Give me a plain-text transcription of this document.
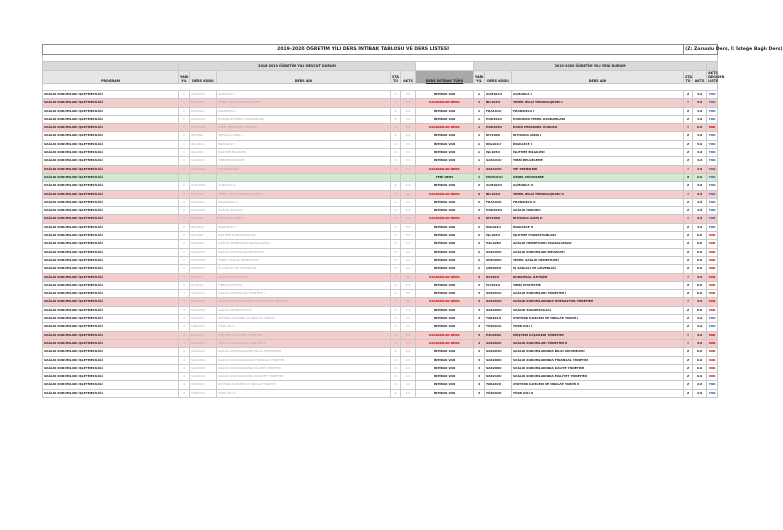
2019-2020 ÖĞRETİM YILI DERS İNTİBAK TABLOSU VE DERS LİSTESİ										(Z: Zorunlu Ders, İ: İsteğe Bağlı Ders)		

	2018-2019 ÖĞRETİM YILI MEVCUT DURUM						2019-2020 ÖĞRETİM YILI YENİ DURUM					
PROGRAM	YARI YIL	DERS KODU	DERS ADI	STA TÜ	AKTS	DERS İNTİBAK TÜRÜ	YARI YIL	DERS KODU	DERS ADI	STA TÜ	AKTS	AKTS DEĞİŞEN LİSTE

SAĞLIK KURUMLARI İŞLETMECİLİĞİ	1	ALM101U	ALMANCA I	Z	3.0	İNTİBAK VAR	1	ALM101U	ALMANCA I	Z	3.0	YOK
SAĞLIK KURUMLARI İŞLETMECİLİĞİ	1	BİL103U	TEMEL BİLGİ TEKNOLOJİLERİ I	Z	3.0	KALDIRILAN DERS	1	BİL103U	TEMEL BİLGİ TEKNOLOJİLERİ I	İ	3.0	YOK
SAĞLIK KURUMLARI İŞLETMECİLİĞİ	1	FRA101U	FRANSIZCA I	Z	3.0	İNTİBAK VAR	1	FRA101U	FRANSIZCA I	Z	3.0	YOK
SAĞLIK KURUMLARI İŞLETMECİLİĞİ	1	HUK101U	HUKUKUN TEMEL KAVRAMLARI	Z	3.0	İNTİBAK VAR	1	HUK101U	HUKUKUN TEMEL KAVRAMLARI	Z	3.0	YOK
SAĞLIK KURUMLARI İŞLETMECİLİĞİ	1	HUK103U	KAMU PERSONEL HUKUKU	Z	3.0	KALDIRILAN DERS	1	HUK103U	KAMU PERSONEL HUKUKU	İ	6.0	VAR
SAĞLIK KURUMLARI İŞLETMECİLİĞİ	1	İKT100U	İKTİSADA GİRİŞ I	Z	3.0	İNTİBAK VAR	1	İKT100U	İKTİSADA GİRİŞ I	Z	3.0	YOK
SAĞLIK KURUMLARI İŞLETMECİLİĞİ	1	İNG101U	İNGİLİZCE I	Z	3.0	İNTİBAK VAR	1	İNG101U	İNGİLİZCE I	Z	3.0	YOK
SAĞLIK KURUMLARI İŞLETMECİLİĞİ	1	İŞL105U	İŞLETME BİLGİLERİ	Z	3.0	İNTİBAK VAR	1	İŞL105U	İŞLETME BİLGİLERİ	Z	3.0	YOK
SAĞLIK KURUMLARI İŞLETMECİLİĞİ	1	SAK101U	TIBBİ BELGELEME	Z	3.0	İNTİBAK VAR	1	SAK101U	TIBBİ BELGELEME	Z	3.0	YOK
SAĞLIK KURUMLARI İŞLETMECİLİĞİ	1	SAK103U	TIP TERİMLERİ	Z	3.0	KALDIRILAN DERS	1	SAK103U	TIP TERİMLERİ	İ	3.0	YOK
SAĞLIK KURUMLARI İŞLETMECİLİĞİ						YENİ DERS	1	MUH101U	GENEL MUHASEBE	Z	6.0	YOK
SAĞLIK KURUMLARI İŞLETMECİLİĞİ	2	ALM102U	ALMANCA II	Z	3.0	İNTİBAK VAR	2	ALM102U	ALMANCA II	Z	3.0	YOK
SAĞLIK KURUMLARI İŞLETMECİLİĞİ	2	BİL104U	TEMEL BİLGİ TEKNOLOJİLERİ II	Z	3.0	KALDIRILAN DERS	2	BİL104U	TEMEL BİLGİ TEKNOLOJİLERİ II	İ	3.0	YOK
SAĞLIK KURUMLARI İŞLETMECİLİĞİ	2	FRA102U	FRANSIZCA II	Z	3.0	İNTİBAK VAR	2	FRA102U	FRANSIZCA II	Z	3.0	YOK
SAĞLIK KURUMLARI İŞLETMECİLİĞİ	2	HUK102U	SAĞLIK HUKUKU	Z	3.0	İNTİBAK VAR	2	HUK102U	SAĞLIK HUKUKU	Z	3.0	YOK
SAĞLIK KURUMLARI İŞLETMECİLİĞİ	2	İKT100U	İKTİSADA GİRİŞ II	Z	3.0	KALDIRILAN DERS	2	İKT100U	İKTİSADA GİRİŞ II	İ	3.0	YOK
SAĞLIK KURUMLARI İŞLETMECİLİĞİ	2	İNG102U	İNGİLİZCE II	Z	3.0	İNTİBAK VAR	2	İNG102U	İNGİLİZCE II	Z	3.0	YOK
SAĞLIK KURUMLARI İŞLETMECİLİĞİ	2	İŞL106U	İŞLETME FONKSİYONLARI	Z	3.0	İNTİBAK VAR	2	İŞL106U	İŞLETME FONKSİYONLARI	Z	6.0	VAR
SAĞLIK KURUMLARI İŞLETMECİLİĞİ	2	PZL108U	SAĞLIK HİZMETLERİ PAZARLAMASI	Z	3.0	İNTİBAK VAR	2	PZL108U	SAĞLIK HİZMETLERİ PAZARLAMASI	Z	6.0	VAR
SAĞLIK KURUMLARI İŞLETMECİLİĞİ	2	SAK102U	SAĞLIK KURUMLARI MEVZUATI	Z	3.0	İNTİBAK VAR	2	SAK102U	SAĞLIK KURUMLARI MEVZUATI	Z	6.0	VAR
SAĞLIK KURUMLARI İŞLETMECİLİĞİ	2	SHZ106U	TEMEL SAĞLIK HİZMETLERİ	Z	3.0	İNTİBAK VAR	2	SHZ106U	TEMEL SAĞLIK HİZMETLERİ	Z	6.0	VAR
SAĞLIK KURUMLARI İŞLETMECİLİĞİ	2	ÇEK002U	İŞ SAĞLIĞI VE GÜVENLİĞİ	Z	3.0	İNTİBAK VAR	2	ÇEK002U	İŞ SAĞLIĞI VE GÜVENLİĞİ	Z	6.0	VAR
SAĞLIK KURUMLARI İŞLETMECİLİĞİ	3	İLT201U	KURUMSAL İLETİŞİM	Z	3.0	KALDIRILAN DERS	3	İLT201U	KURUMSAL İLETİŞİM	İ	4.0	VAR
SAĞLIK KURUMLARI İŞLETMECİLİĞİ	3	İST201U	TIBBİ İSTATİSTİK	Z	3.0	İNTİBAK VAR	3	İST201U	TIBBİ İSTATİSTİK	Z	6.0	VAR
SAĞLIK KURUMLARI İŞLETMECİLİĞİ	3	SAK201U	SAĞLIK KURUMLARI YÖNETİMİ I	Z	3.0	İNTİBAK VAR	3	SAK201U	SAĞLIK KURUMLARI YÖNETİMİ I	Z	6.0	VAR
SAĞLIK KURUMLARI İŞLETMECİLİĞİ	3	SAK203U	SAĞLIK KURUMLARINDA OPERASYON YÖNETİMİ	Z	3.0	KALDIRILAN DERS	3	SAK203U	SAĞLIK KURUMLARINDA OPERASYON YÖNETİMİ	İ	4.0	VAR
SAĞLIK KURUMLARI İŞLETMECİLİĞİ	3	SAK205U	SAĞLIK SİGORTACILIĞI	Z	3.0	İNTİBAK VAR	3	SAK205U	SAĞLIK SİGORTACILIĞI	Z	6.0	VAR
SAĞLIK KURUMLARI İŞLETMECİLİĞİ	3	TAR201U	ATATÜRK İLKELERİ VE İNKILAP TARİHİ I	Z	2.0	İNTİBAK VAR	3	TAR201U	ATATÜRK İLKELERİ VE İNKILAP TARİHİ I	Z	2.0	YOK
SAĞLIK KURUMLARI İŞLETMECİLİĞİ	3	TÜR201U	TÜRK DİLİ I	Z	2.0	İNTİBAK VAR	3	TÜR201U	TÜRK DİLİ I	Z	2.0	YOK
SAĞLIK KURUMLARI İŞLETMECİLİĞİ	4	PZL200U	MÜŞTERİ İLİŞKİLERİ YÖNETİMİ	Z	3.0	KALDIRILAN DERS	4	PZL200U	MÜŞTERİ İLİŞKİLERİ YÖNETİMİ	İ	4.0	VAR
SAĞLIK KURUMLARI İŞLETMECİLİĞİ	4	SAK202U	SAĞLIK KURUMLARI YÖNETİMİ II	Z	3.0	KALDIRILAN DERS	4	SAK202U	SAĞLIK KURUMLARI YÖNETİMİ II	İ	4.0	VAR
SAĞLIK KURUMLARI İŞLETMECİLİĞİ	4	SAK204U	SAĞLIK KURUMLARINDA BİLGİ SİSTEMLERİ	Z	4.0	İNTİBAK VAR	4	SAK204U	SAĞLIK KURUMLARINDA BİLGİ SİSTEMLERİ	Z	6.0	VAR
SAĞLIK KURUMLARI İŞLETMECİLİĞİ	4	SAK206U	SAĞLIK KURUMLARINDA FİNANSAL YÖNETİM	Z	4.0	İNTİBAK VAR	4	SAK206U	SAĞLIK KURUMLARINDA FİNANSAL YÖNETİM	Z	6.0	VAR
SAĞLIK KURUMLARI İŞLETMECİLİĞİ	4	SAK208U	SAĞLIK KURUMLARINDA KALİTE YÖNETİMİ	Z	4.0	İNTİBAK VAR	4	SAK208U	SAĞLIK KURUMLARINDA KALİTE YÖNETİMİ	Z	6.0	VAR
SAĞLIK KURUMLARI İŞLETMECİLİĞİ	4	SAK210U	SAĞLIK KURUMLARINDA MALİYET YÖNETİMİ	Z	4.0	İNTİBAK VAR	4	SAK210U	SAĞLIK KURUMLARINDA MALİYET YÖNETİMİ	Z	6.0	VAR
SAĞLIK KURUMLARI İŞLETMECİLİĞİ	4	TAR202U	ATATÜRK İLKELERİ VE İNKILAP TARİHİ II	Z	2.0	İNTİBAK VAR	4	TAR202U	ATATÜRK İLKELERİ VE İNKILAP TARİHİ II	Z	2.0	YOK
SAĞLIK KURUMLARI İŞLETMECİLİĞİ	4	TÜR202U	TÜRK DİLİ II	Z	2.0	İNTİBAK VAR	4	TÜR202U	TÜRK DİLİ II	Z	2.0	YOK
